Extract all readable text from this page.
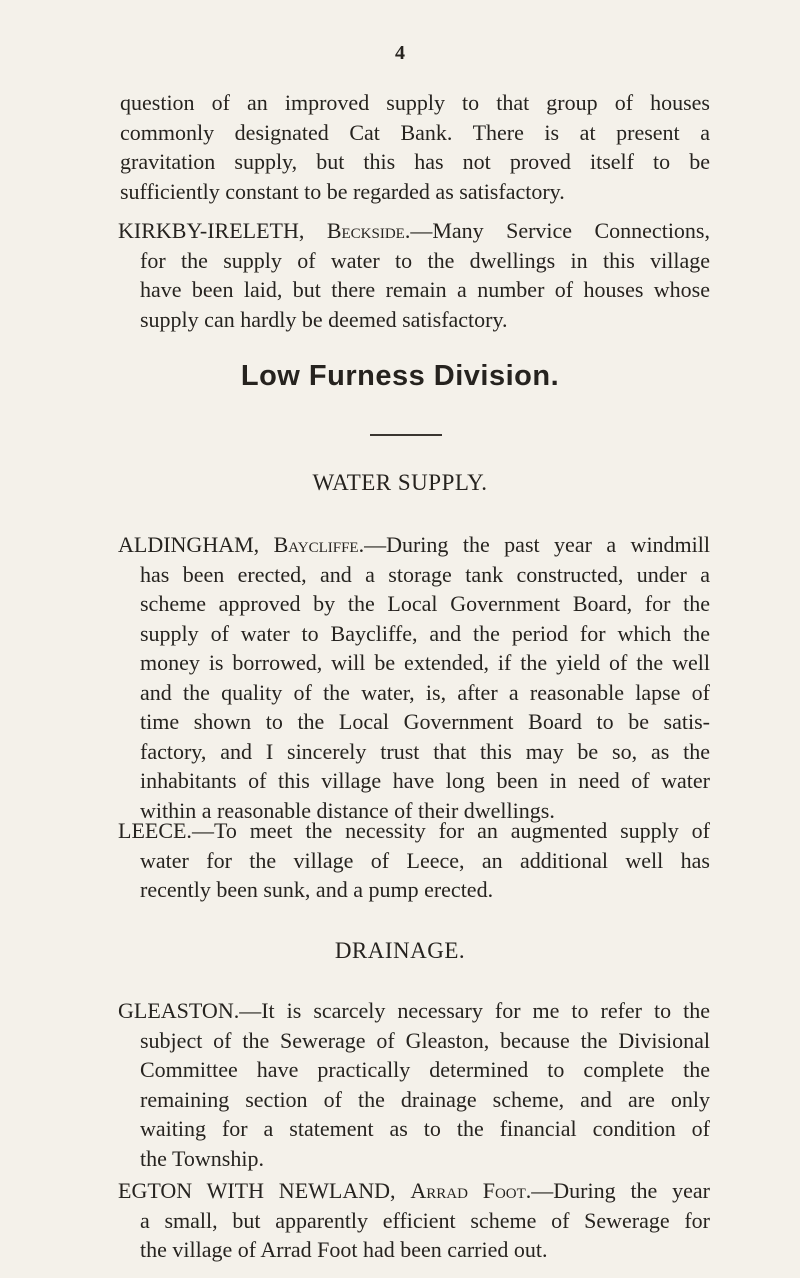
4

question of an improved supply to that group of houses
commonly designated Cat Bank. There is at present a
gravitation supply, but this has not proved itself to be
sufficiently constant to be regarded as satisfactory.

KIRKBY-IRELETH, Beckside.—Many Service Connections,
for the supply of water to the dwellings in this village
have been laid, but there remain a number of houses whose
supply can hardly be deemed satisfactory.

Low Furness Division.
WATER SUPPLY.

ALDINGHAM, Baycliffe.—During the past year a windmill
has been erected, and a storage tank constructed, under a
scheme approved by the Local Government Board, for the
supply of water to Baycliffe, and the period for which the
money is borrowed, will be extended, if the yield of the well
and the quality of the water, is, after a reasonable lapse of
time shown to the Local Government Board to be satis-
factory, and I sincerely trust that this may be so, as the
inhabitants of this village have long been in need of water
within a reasonable distance of their dwellings.

LEECE.—To meet the necessity for an augmented supply of
water for the village of Leece, an additional well has
recently been sunk, and a pump erected.

DRAINAGE.

GLEASTON.—It is scarcely necessary for me to refer to the
subject of the Sewerage of Gleaston, because the Divisional
Committee have practically determined to complete the
remaining section of the drainage scheme, and are only
waiting for a statement as to the financial condition of
the Township.

EGTON WITH NEWLAND, Arrad Foot.—During the year
a small, but apparently efficient scheme of Sewerage for
the village of Arrad Foot had been carried out.
